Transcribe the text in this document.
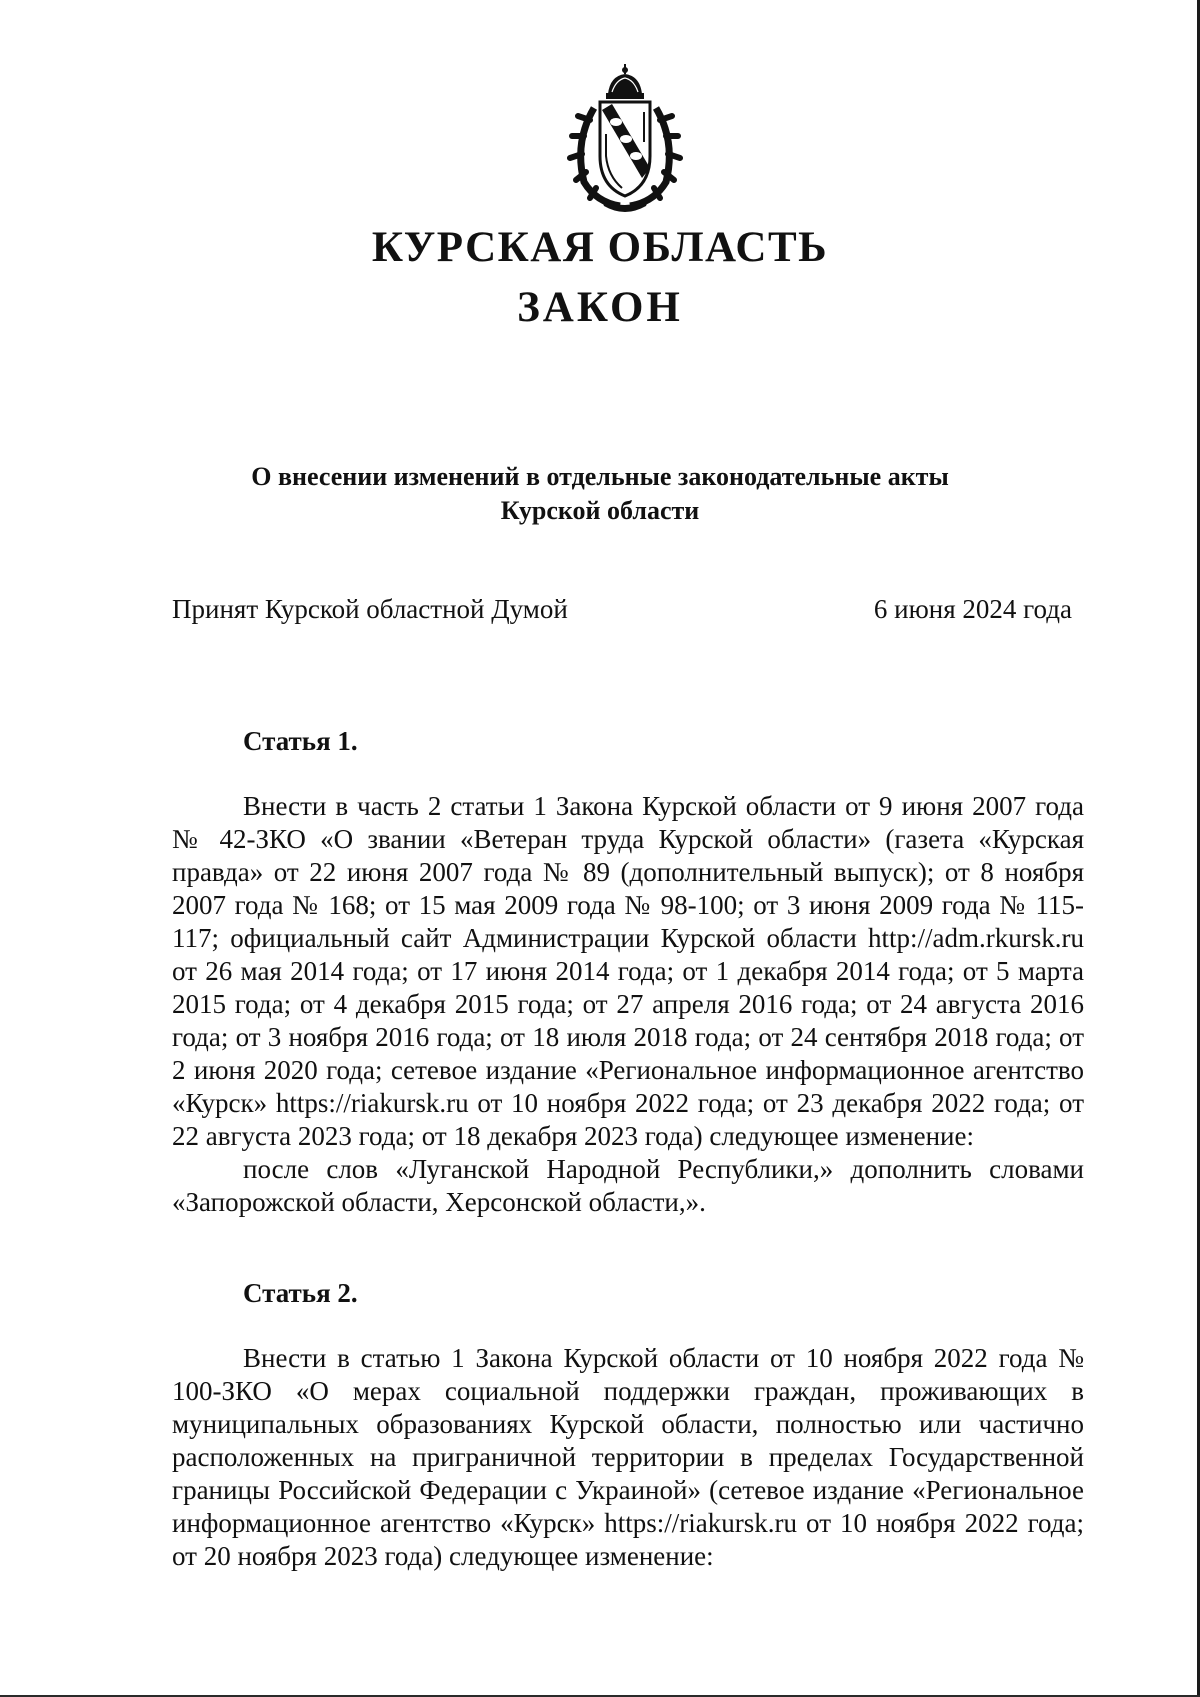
КУРСКАЯ ОБЛАСТЬ
ЗАКОН
О внесении изменений в отдельные законодательные акты
Курской области
Принят Курской областной Думой	6 июня 2024 года
Статья 1.

Внести в часть 2 статьи 1 Закона Курской области от 9 июня 2007 года № 42-ЗКО «О звании «Ветеран труда Курской области» (газета «Курская правда» от 22 июня 2007 года № 89 (дополнительный выпуск); от 8 ноября 2007 года № 168; от 15 мая 2009 года № 98-100; от 3 июня 2009 года № 115-117; официальный сайт Администрации Курской области http://adm.rkursk.ru от 26 мая 2014 года; от 17 июня 2014 года; от 1 декабря 2014 года; от 5 марта 2015 года; от 4 декабря 2015 года; от 27 апреля 2016 года; от 24 августа 2016 года; от 3 ноября 2016 года; от 18 июля 2018 года; от 24 сентября 2018 года; от 2 июня 2020 года; сетевое издание «Региональное информационное агентство «Курск» https://riakursk.ru от 10 ноября 2022 года; от 23 декабря 2022 года; от 22 августа 2023 года; от 18 декабря 2023 года) следующее изменение:

после слов «Луганской Народной Республики,» дополнить словами «Запорожской области, Херсонской области,».

Статья 2.

Внести в статью 1 Закона Курской области от 10 ноября 2022 года № 100-ЗКО «О мерах социальной поддержки граждан, проживающих в муниципальных образованиях Курской области, полностью или частично расположенных на приграничной территории в пределах Государственной границы Российской Федерации с Украиной» (сетевое издание «Региональное информационное агентство «Курск» https://riakursk.ru от 10 ноября 2022 года; от 20 ноября 2023 года) следующее изменение:
